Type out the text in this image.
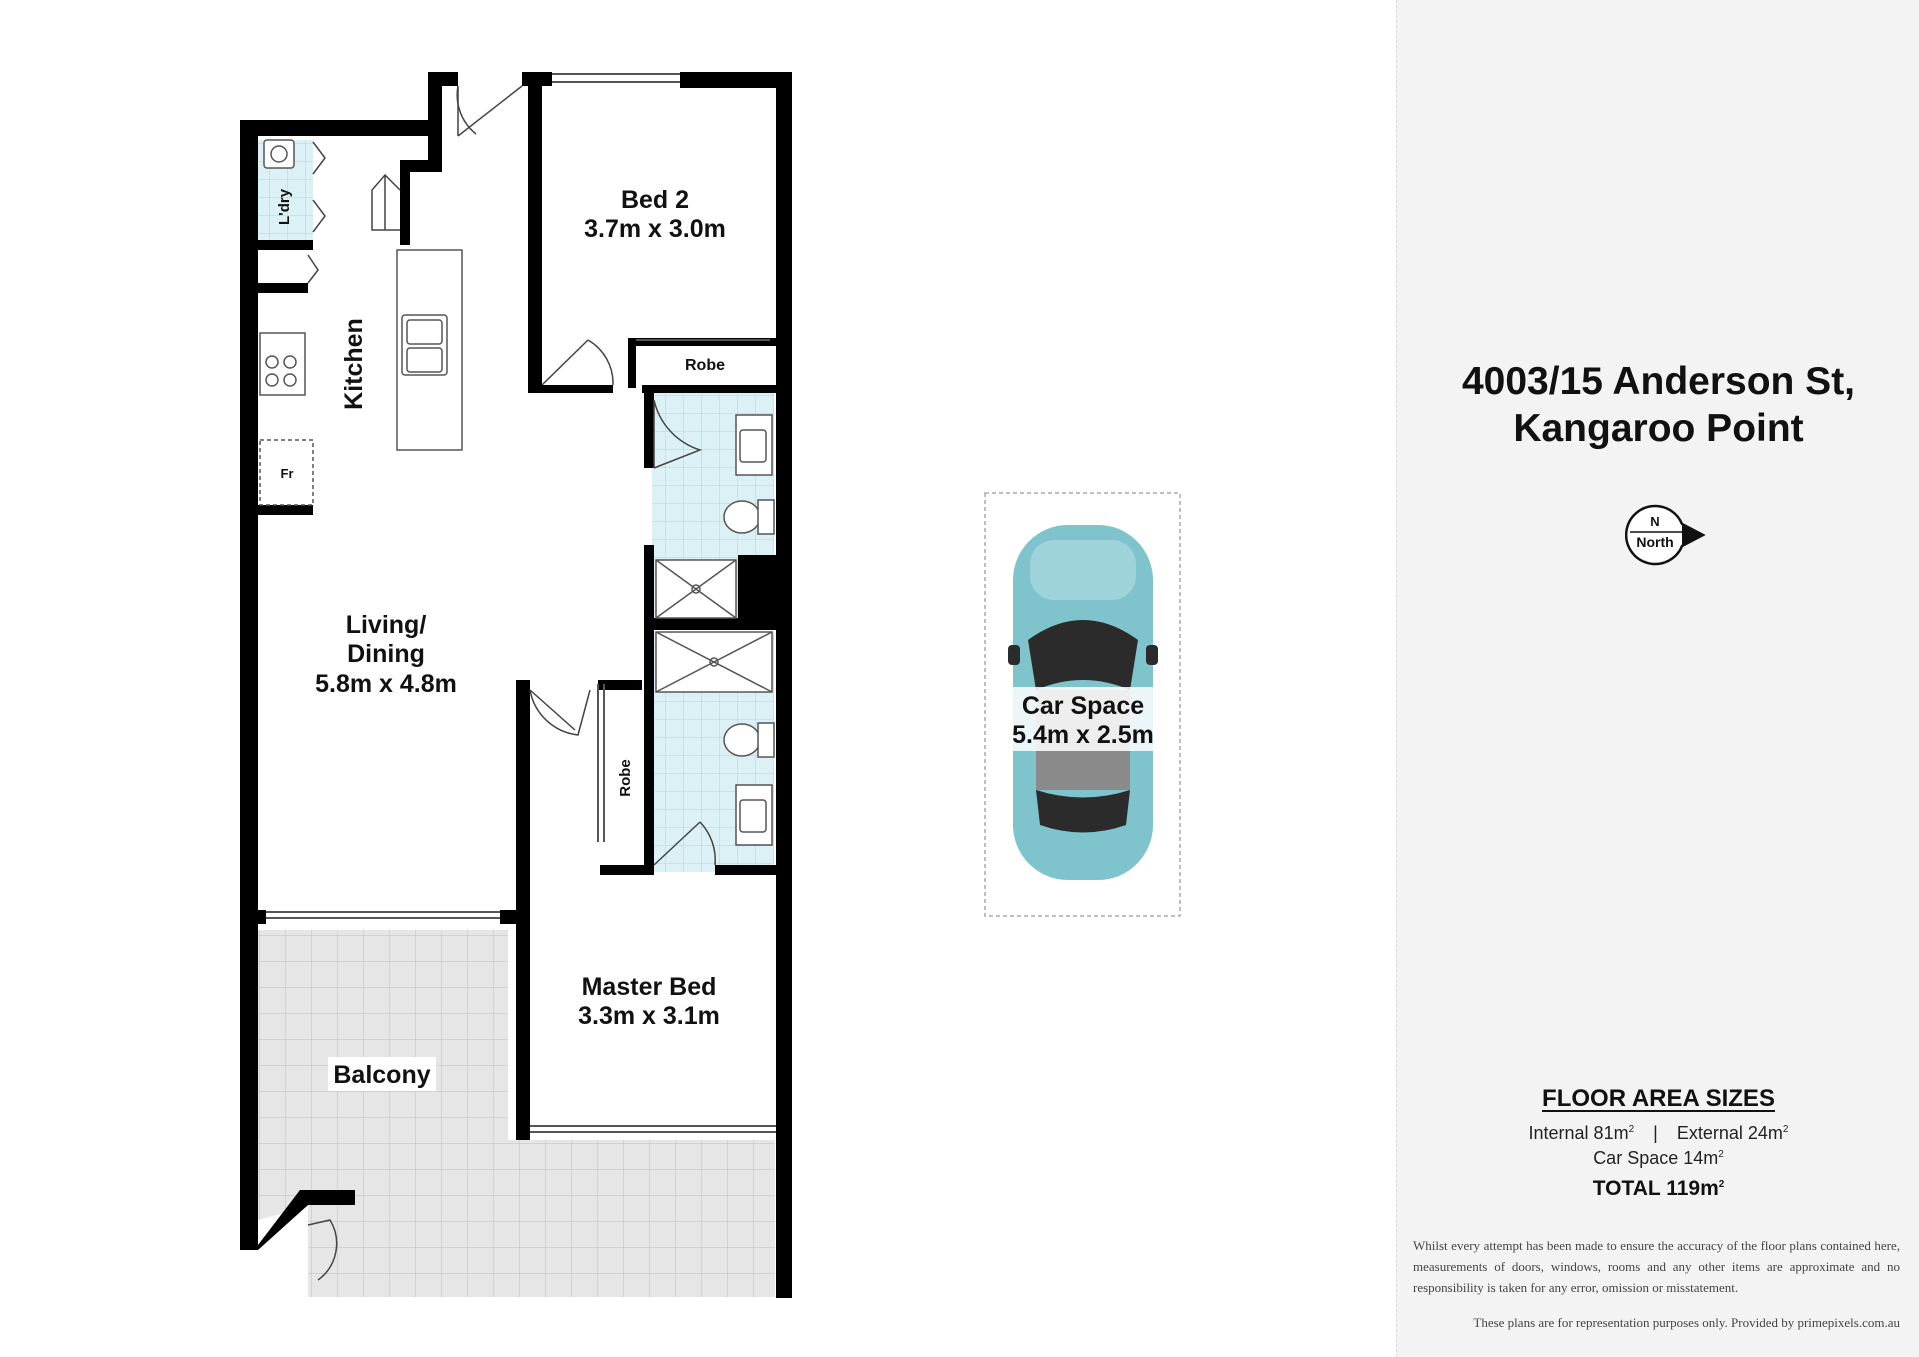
Bed 2
3.7m x 3.0m
Robe
L'dry
Kitchen
Fr
Living/
Dining
5.8m x 4.8m
Robe
Master Bed
3.3m x 3.1m
Balcony
Car Space
5.4m x 2.5m
4003/15 Anderson St,
Kangaroo Point
N
North
FLOOR AREA SIZES
Internal $81m^2$ | External $24m^2$
Car Space $14m^2$
TOTAL $119m^2$
Whilst every attempt has been made to ensure the accuracy of the floor plans contained here, measurements of doors, windows, rooms and any other items are approximate and no responsibility is taken for any error, omission or misstatement.
These plans are for representation purposes only. Provided by primepixels.com.au
